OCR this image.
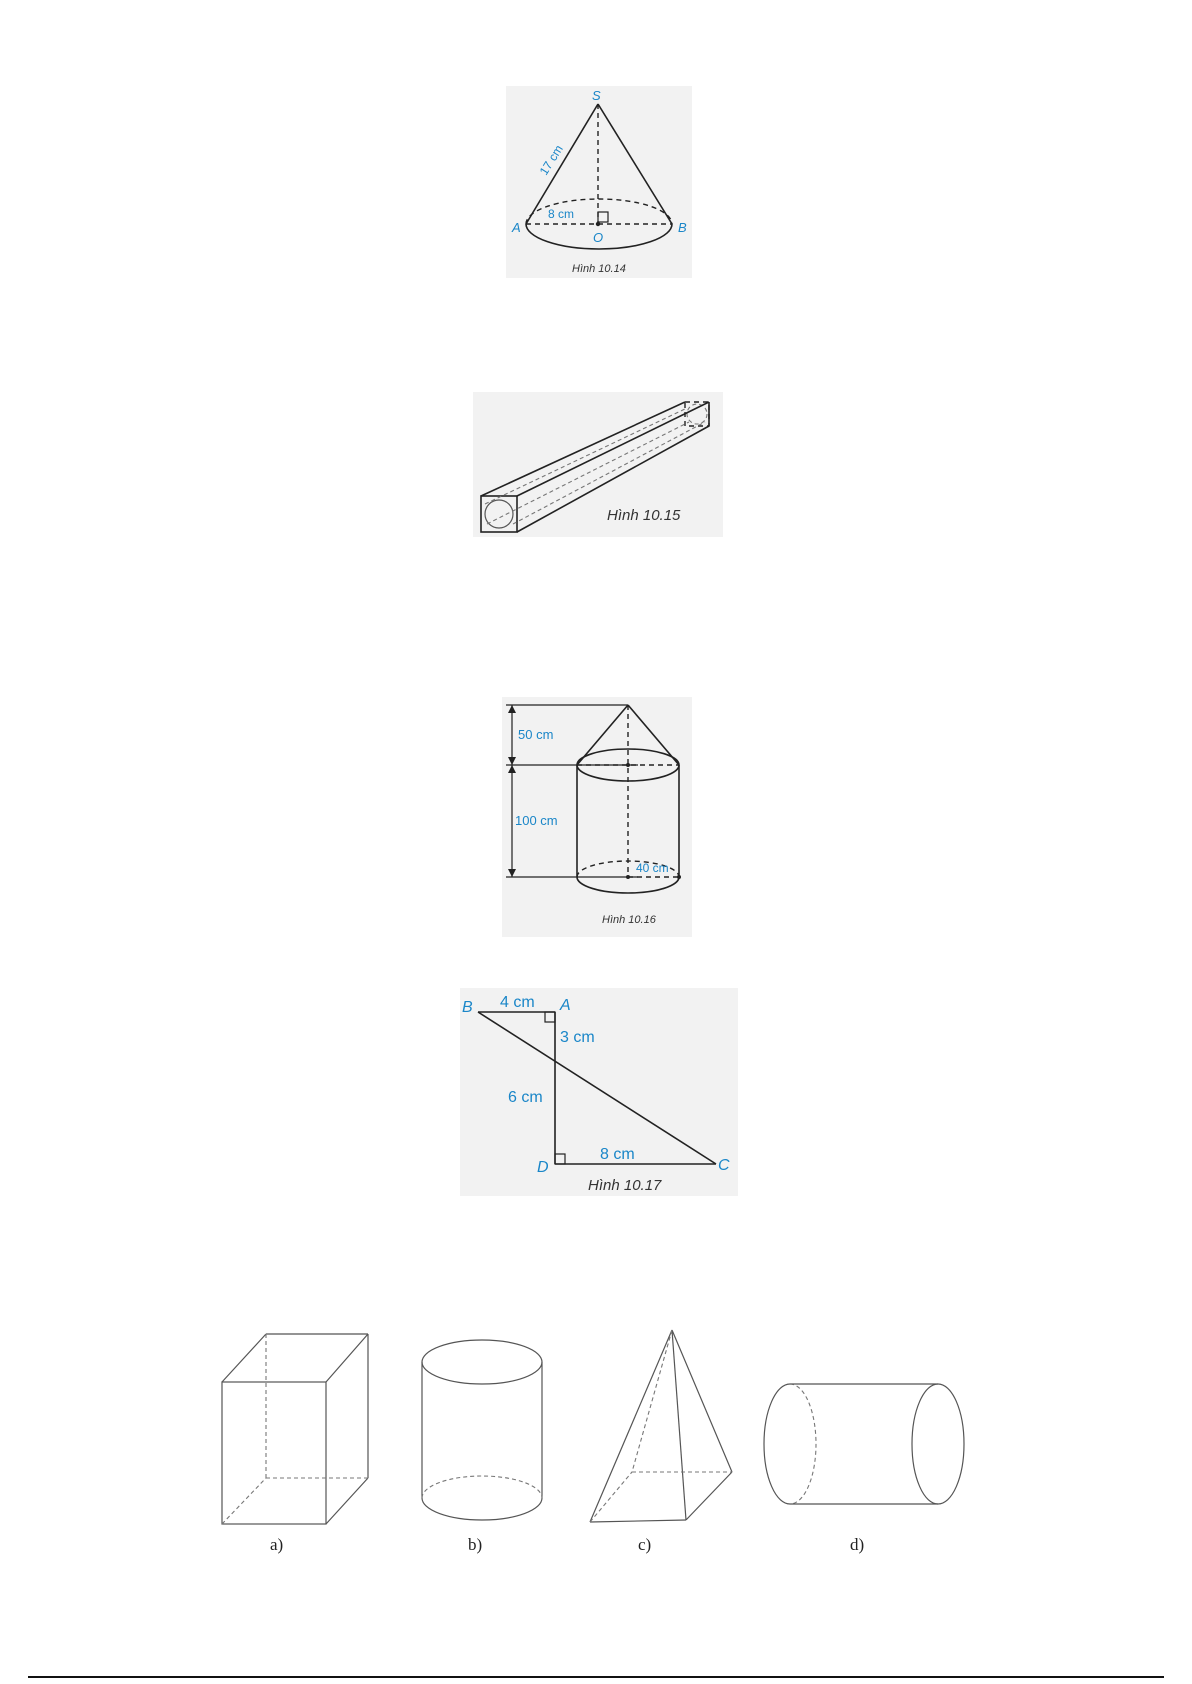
S
A	B
O
8 cm
17 cm
Hình 10.14
Hình 10.15
50 cm
100 cm
40 cm
Hình 10.16
B	A
C
D
4 cm
3 cm
6 cm
8 cm
Hình 10.17
a)	b)	c)	d)
